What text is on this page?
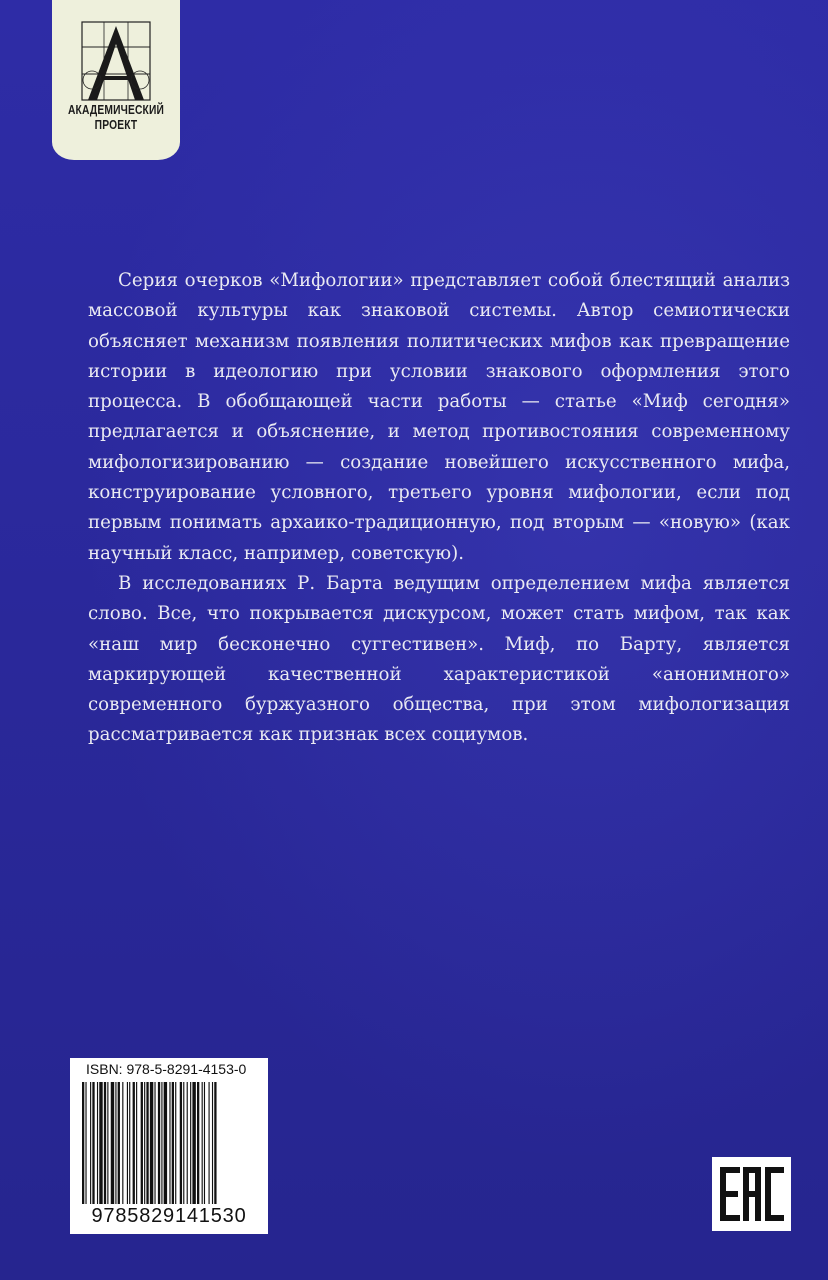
АКАДЕМИЧЕСКИЙ
ПРОЕКТ

Серия очерков «Мифологии» представляет собой блестящий анализ массовой культуры как знаковой системы. Автор семиотически объясняет механизм появления политических мифов как превращение истории в идеологию при условии знакового оформления этого процесса. В обобщающей части работы — статье «Миф сегодня» предлагается и объяснение, и метод противостояния современному мифологизированию — создание новейшего искусственного мифа, конструирование условного, третьего уровня мифологии, если под первым понимать архаико-традиционную, под вторым — «новую» (как научный класс, например, советскую).

В исследованиях Р. Барта ведущим определением мифа является слово. Все, что покрывается дискурсом, может стать мифом, так как «наш мир бесконечно суггестивен». Миф, по Барту, является маркирующей качественной характеристикой «анонимного» современного буржуазного общества, при этом мифологизация рассматривается как признак всех социумов.

ISBN: 978-5-8291-4153-0
9785829141530
